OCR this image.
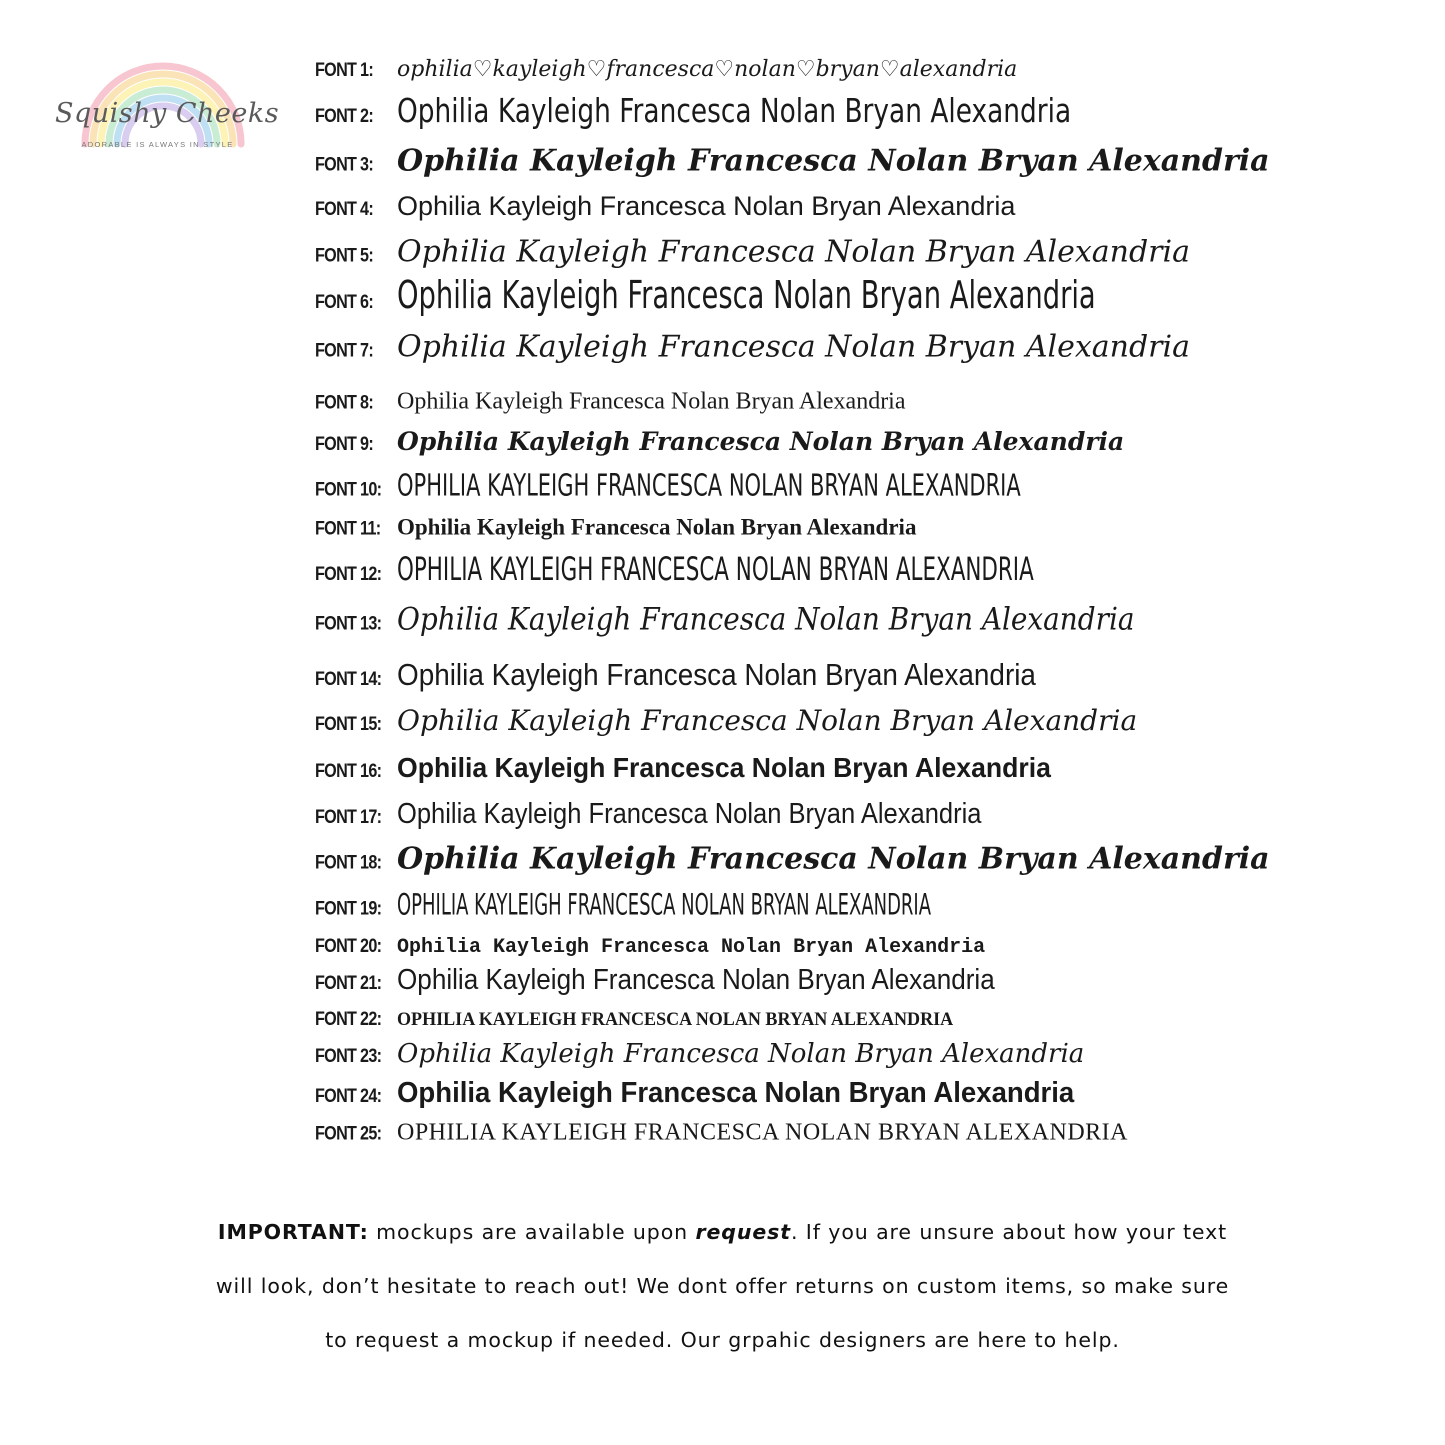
Squishy Cheeks
ADORABLE IS ALWAYS IN STYLE
FONT 1:	ophilia♡kayleigh♡francesca♡nolan♡bryan♡alexandria
FONT 2: Ophilia Kayleigh Francesca Nolan Bryan Alexandria
FONT 3: Ophilia Kayleigh Francesca Nolan Bryan Alexandria
FONT 4: Ophilia Kayleigh Francesca Nolan Bryan Alexandria
FONT 5: Ophilia Kayleigh Francesca Nolan Bryan Alexandria
FONT 6: Ophilia Kayleigh Francesca Nolan Bryan Alexandria
FONT 7: Ophilia Kayleigh Francesca Nolan Bryan Alexandria
FONT 8: Ophilia Kayleigh Francesca Nolan Bryan Alexandria
FONT 9: Ophilia Kayleigh Francesca Nolan Bryan Alexandria
FONT 10: OPHILIA KAYLEIGH FRANCESCA NOLAN BRYAN ALEXANDRIA
FONT 11: Ophilia Kayleigh Francesca Nolan Bryan Alexandria
FONT 12: OPHILIA KAYLEIGH FRANCESCA NOLAN BRYAN ALEXANDRIA
FONT 13: Ophilia Kayleigh Francesca Nolan Bryan Alexandria
FONT 14: Ophilia Kayleigh Francesca Nolan Bryan Alexandria
FONT 15: Ophilia Kayleigh Francesca Nolan Bryan Alexandria
FONT 16: Ophilia Kayleigh Francesca Nolan Bryan Alexandria
FONT 17: Ophilia Kayleigh Francesca Nolan Bryan Alexandria
FONT 18: Ophilia Kayleigh Francesca Nolan Bryan Alexandria
FONT 19: OPHILIA KAYLEIGH FRANCESCA NOLAN BRYAN ALEXANDRIA
FONT 20: Ophilia Kayleigh Francesca Nolan Bryan Alexandria
FONT 21: Ophilia Kayleigh Francesca Nolan Bryan Alexandria
FONT 22: OPHILIA KAYLEIGH FRANCESCA NOLAN BRYAN ALEXANDRIA
FONT 23: Ophilia Kayleigh Francesca Nolan Bryan Alexandria
FONT 24: Ophilia Kayleigh Francesca Nolan Bryan Alexandria
FONT 25: OPHILIA KAYLEIGH FRANCESCA NOLAN BRYAN ALEXANDRIA
IMPORTANT: mockups are available upon request. If you are unsure about how your text
will look, don’t hesitate to reach out! We dont offer returns on custom items, so make sure
to request a mockup if needed. Our grpahic designers are here to help.
